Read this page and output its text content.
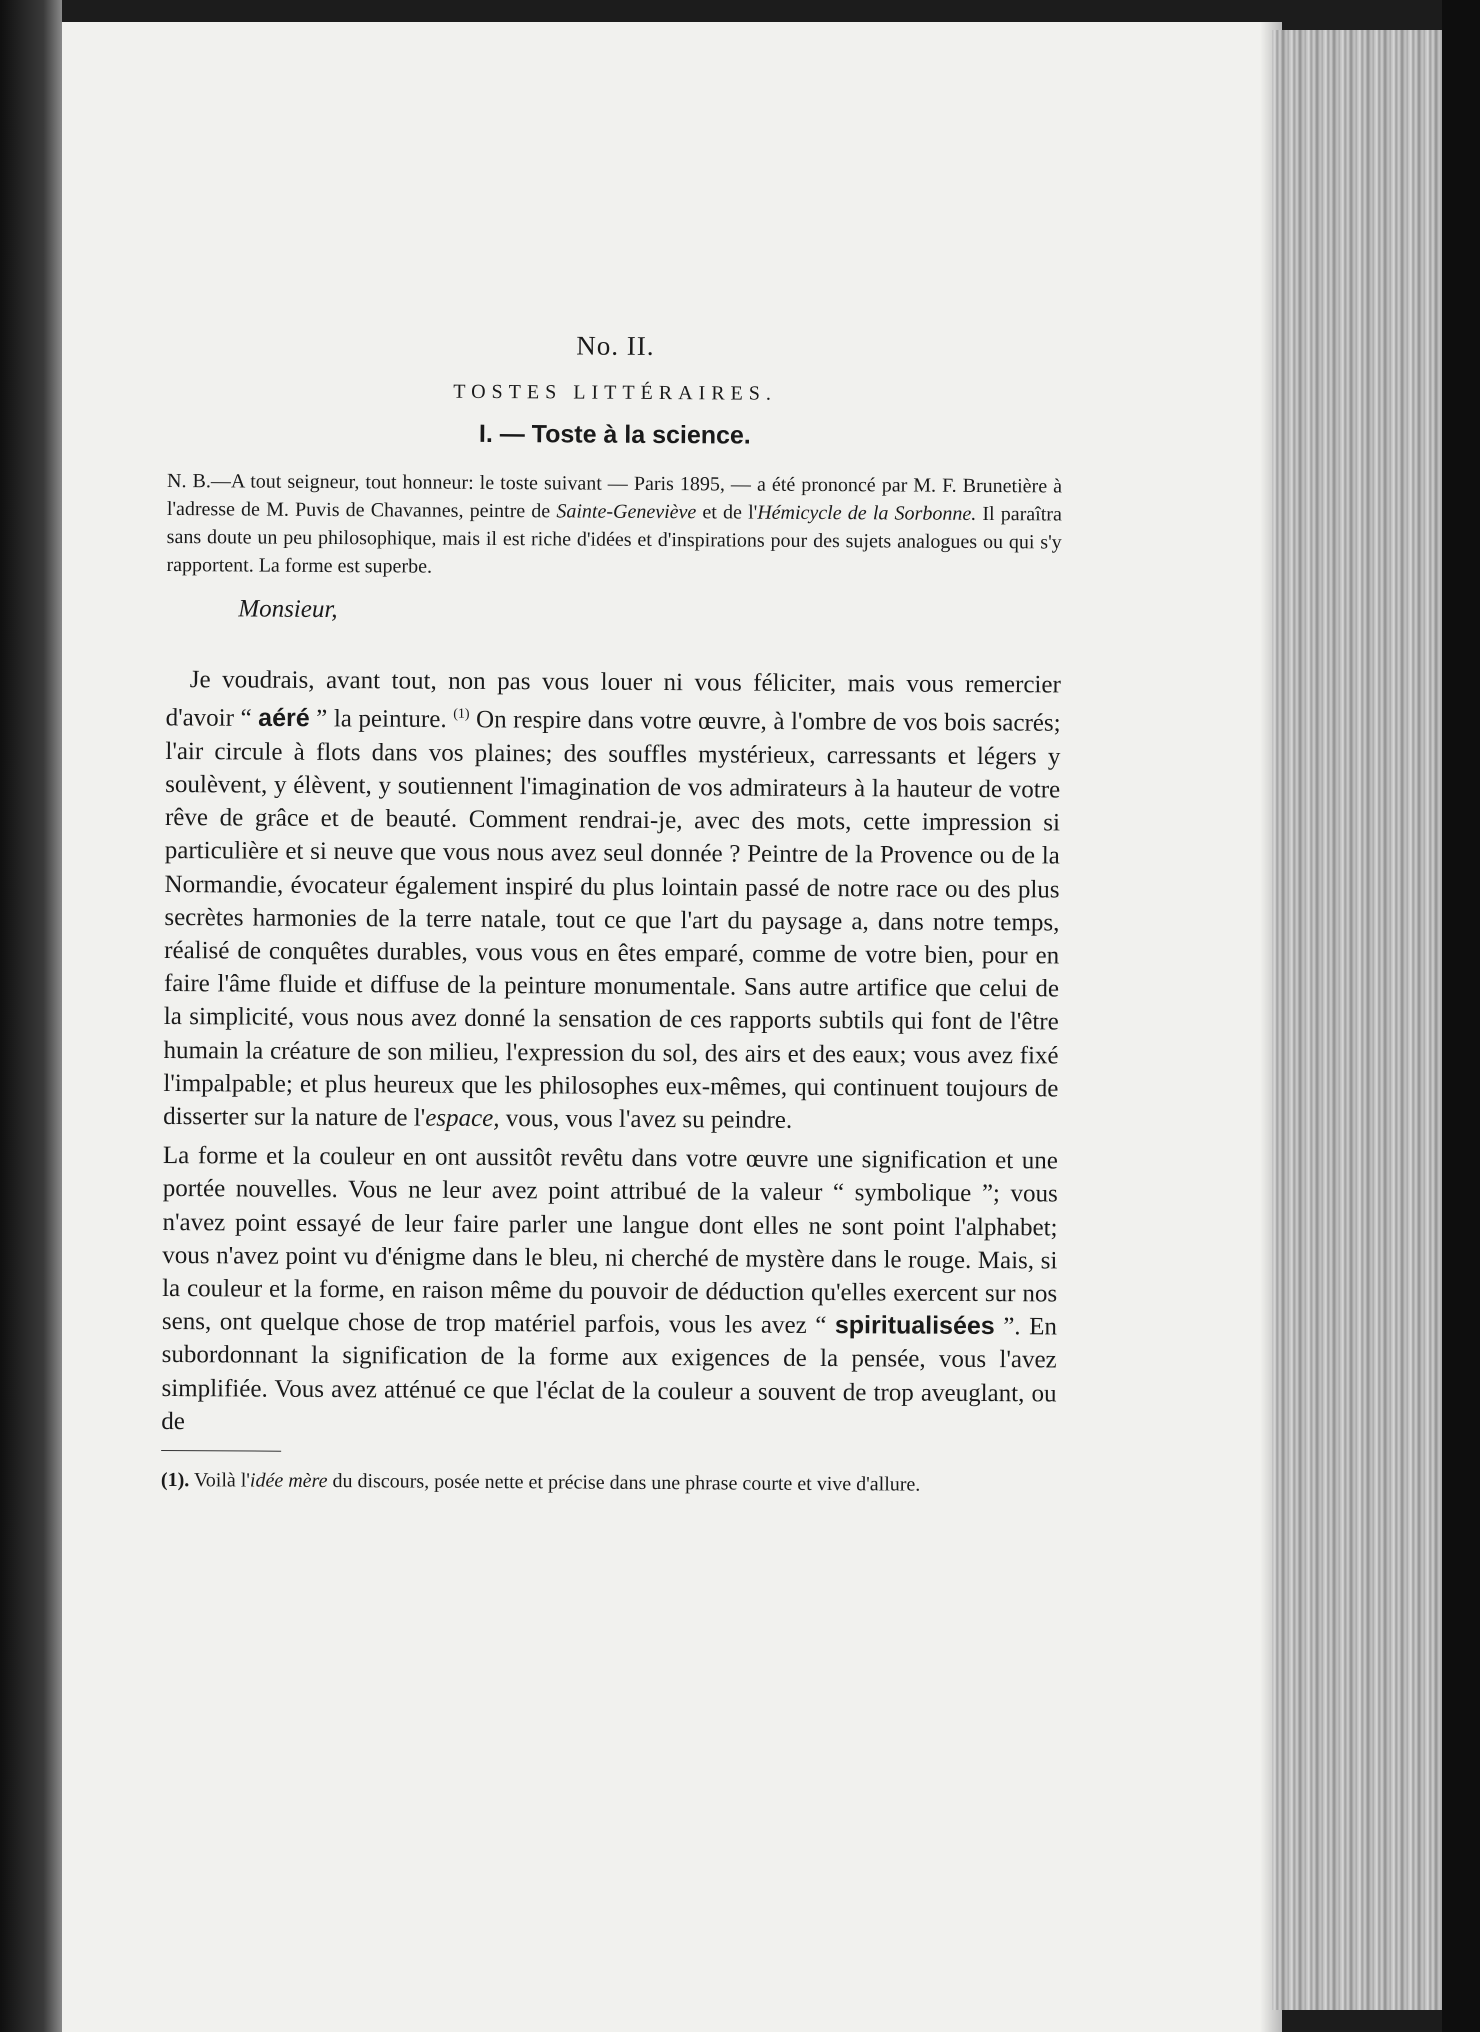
No. II.

TOSTES LITTÉRAIRES.

I. — Toste à la science.

N. B.—A tout seigneur, tout honneur: le toste suivant — Paris 1895, — a été prononcé par M. F. Brunetière à l'adresse de M. Puvis de Chavannes, peintre de Sainte-Geneviève et de l'Hémicycle de la Sorbonne. Il paraîtra sans doute un peu philosophique, mais il est riche d'idées et d'inspirations pour des sujets analogues ou qui s'y rapportent. La forme est superbe.

Monsieur,

Je voudrais, avant tout, non pas vous louer ni vous féliciter, mais vous remercier d'avoir “ aéré ” la peinture. $^{(1)}$ On respire dans votre œuvre, à l'ombre de vos bois sacrés; l'air circule à flots dans vos plaines; des souffles mystérieux, carressants et légers y soulèvent, y élèvent, y soutiennent l'imagination de vos admirateurs à la hauteur de votre rêve de grâce et de beauté. Comment rendrai-je, avec des mots, cette impression si particulière et si neuve que vous nous avez seul donnée ? Peintre de la Provence ou de la Normandie, évocateur également inspiré du plus lointain passé de notre race ou des plus secrètes harmonies de la terre natale, tout ce que l'art du paysage a, dans notre temps, réalisé de conquêtes durables, vous vous en êtes emparé, comme de votre bien, pour en faire l'âme fluide et diffuse de la peinture monumentale. Sans autre artifice que celui de la simplicité, vous nous avez donné la sensation de ces rapports subtils qui font de l'être humain la créature de son milieu, l'expression du sol, des airs et des eaux; vous avez fixé l'impalpable; et plus heureux que les philosophes eux-mêmes, qui continuent toujours de disserter sur la nature de l'espace, vous, vous l'avez su peindre.

La forme et la couleur en ont aussitôt revêtu dans votre œuvre une signification et une portée nouvelles. Vous ne leur avez point attribué de la valeur “ symbolique ”; vous n'avez point essayé de leur faire parler une langue dont elles ne sont point l'alphabet; vous n'avez point vu d'énigme dans le bleu, ni cherché de mystère dans le rouge. Mais, si la couleur et la forme, en raison même du pouvoir de déduction qu'elles exercent sur nos sens, ont quelque chose de trop matériel parfois, vous les avez “ spiritualisées ”. En subordonnant la signification de la forme aux exigences de la pensée, vous l'avez simplifiée. Vous avez atténué ce que l'éclat de la couleur a souvent de trop aveuglant, ou de

(1). Voilà l'idée mère du discours, posée nette et précise dans une phrase courte et vive d'allure.
